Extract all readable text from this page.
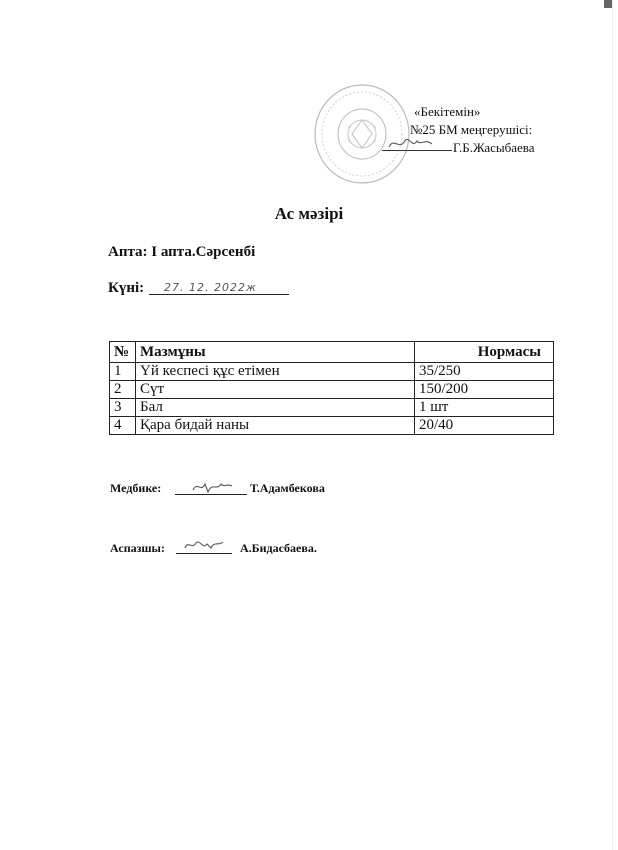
«Бекітемін»
№25 БМ меңгерушісі:
Г.Б.Жасыбаева
Ас мәзірі
Апта: І апта.Сәрсенбі
Күні: 27. 12. 2022ж
№	Мазмұны	Нормасы
1	Үй кеспесі құс етімен	35/250
2	Сүт	150/200
3	Бал	1 шт
4	Қара бидай наны	20/40
Медбике:	Т.Адамбекова
Аспазшы:	А.Бидасбаева.
